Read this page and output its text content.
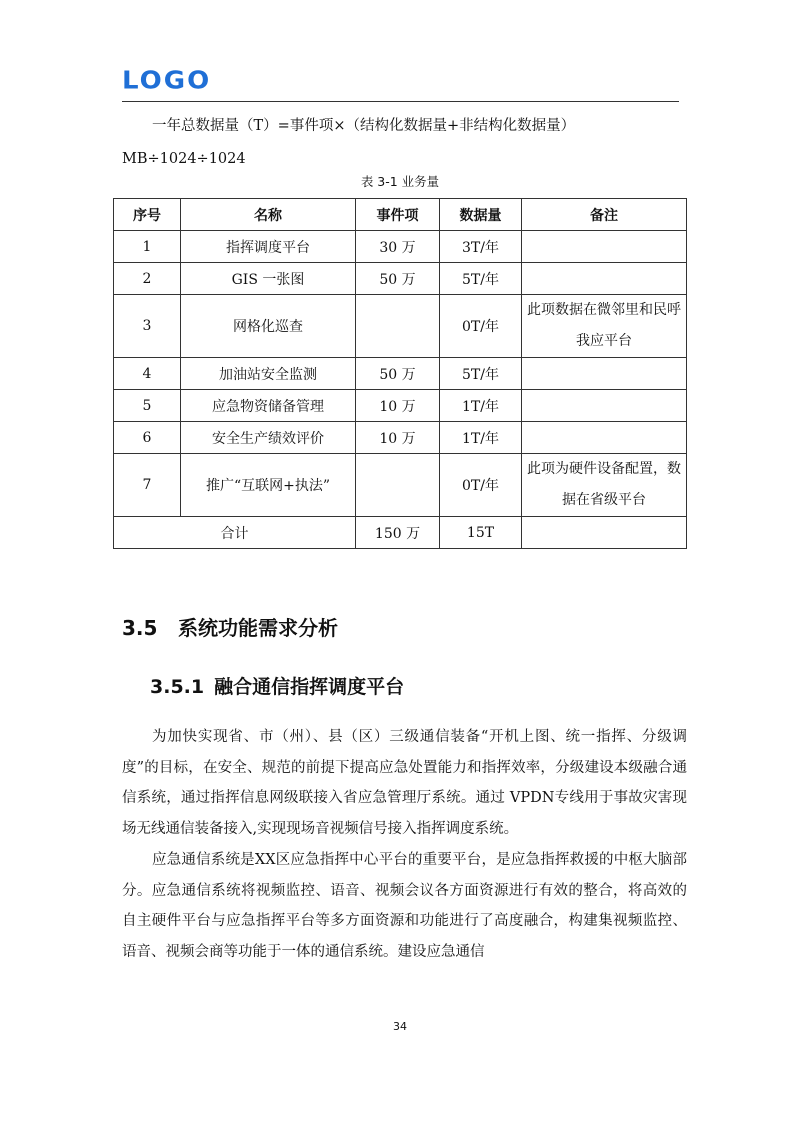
LOGO

一年总数据量（T）=事件项×（结构化数据量+非结构化数据量）MB÷1024÷1024

表 3-1 业务量
序号	名称	事件项	数据量	备注
1	指挥调度平台	30 万	3T/年	
2	GIS 一张图	50 万	5T/年	
3	网格化巡查		0T/年	此项数据在微邻里和民呼我应平台
4	加油站安全监测	50 万	5T/年	
5	应急物资储备管理	10 万	1T/年	
6	安全生产绩效评价	10 万	1T/年	
7	推广“互联网+执法”		0T/年	此项为硬件设备配置，数据在省级平台
合计		150 万	15T	
3.5 系统功能需求分析
3.5.1 融合通信指挥调度平台

为加快实现省、市（州）、县（区）三级通信装备“开机上图、统一指挥、分级调度”的目标，在安全、规范的前提下提高应急处置能力和指挥效率，分级建设本级融合通信系统，通过指挥信息网级联接入省应急管理厅系统。通过 VPDN专线用于事故灾害现场无线通信装备接入,实现现场音视频信号接入指挥调度系统。

应急通信系统是XX区应急指挥中心平台的重要平台，是应急指挥救援的中枢大脑部分。应急通信系统将视频监控、语音、视频会议各方面资源进行有效的整合，将高效的自主硬件平台与应急指挥平台等多方面资源和功能进行了高度融合，构建集视频监控、语音、视频会商等功能于一体的通信系统。建设应急通信

34
